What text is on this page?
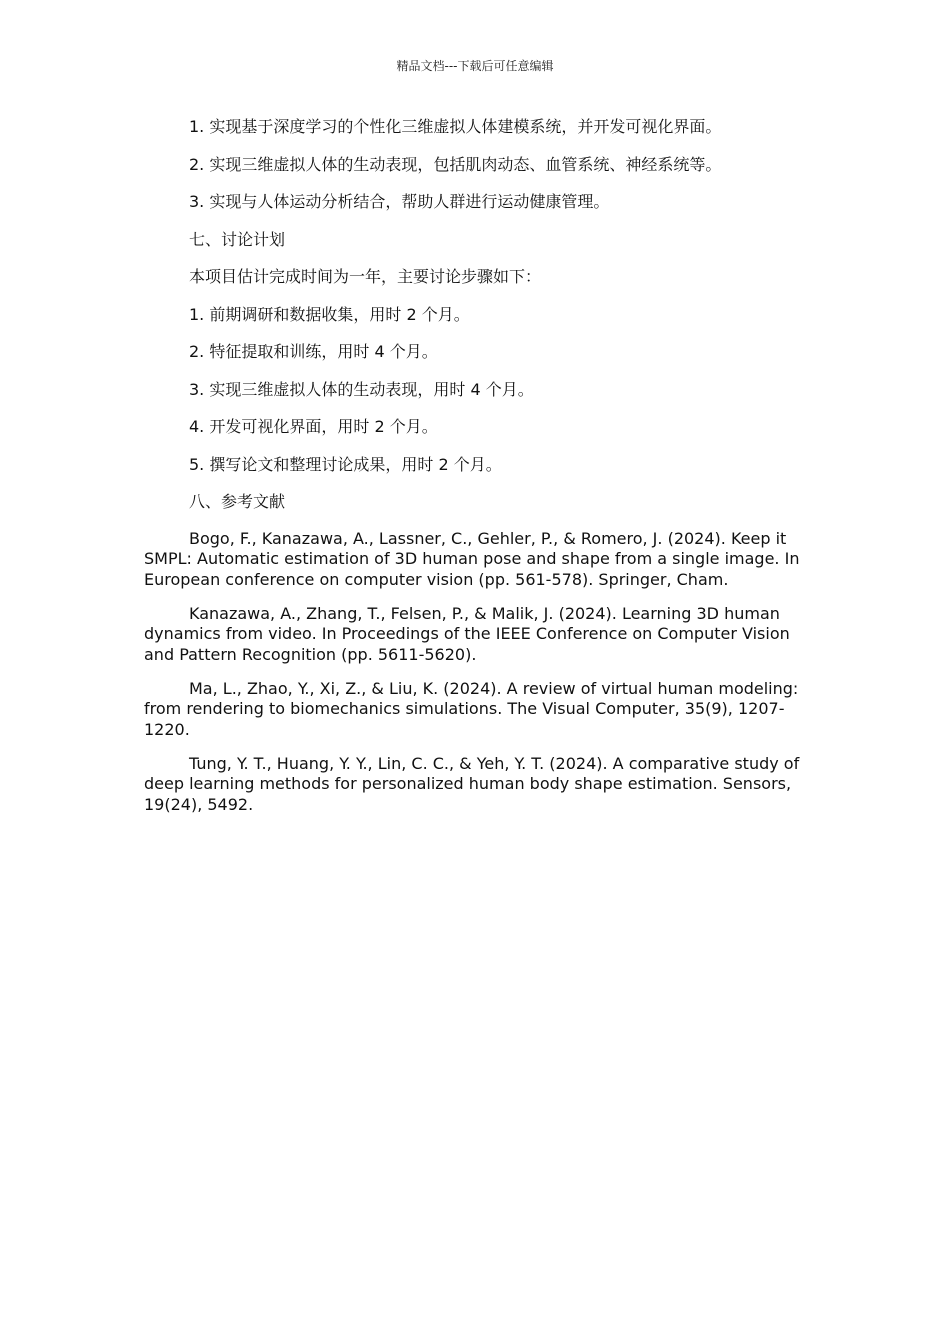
精品文档---下载后可任意编辑

1. 实现基于深度学习的个性化三维虚拟人体建模系统，并开发可视化界面。

2. 实现三维虚拟人体的生动表现，包括肌肉动态、血管系统、神经系统等。

3. 实现与人体运动分析结合，帮助人群进行运动健康管理。

七、讨论计划

本项目估计完成时间为一年，主要讨论步骤如下：

1. 前期调研和数据收集，用时 2 个月。

2. 特征提取和训练，用时 4 个月。

3. 实现三维虚拟人体的生动表现，用时 4 个月。

4. 开发可视化界面，用时 2 个月。

5. 撰写论文和整理讨论成果，用时 2 个月。

八、参考文献

Bogo, F., Kanazawa, A., Lassner, C., Gehler, P., & Romero, J. (2024). Keep it SMPL: Automatic estimation of 3D human pose and shape from a single image. In European conference on computer vision (pp. 561-578). Springer, Cham.

Kanazawa, A., Zhang, T., Felsen, P., & Malik, J. (2024). Learning 3D human dynamics from video. In Proceedings of the IEEE Conference on Computer Vision and Pattern Recognition (pp. 5611-5620).

Ma, L., Zhao, Y., Xi, Z., & Liu, K. (2024). A review of virtual human modeling: from rendering to biomechanics simulations. The Visual Computer, 35(9), 1207-1220.

Tung, Y. T., Huang, Y. Y., Lin, C. C., & Yeh, Y. T. (2024). A comparative study of deep learning methods for personalized human body shape estimation. Sensors, 19(24), 5492.
